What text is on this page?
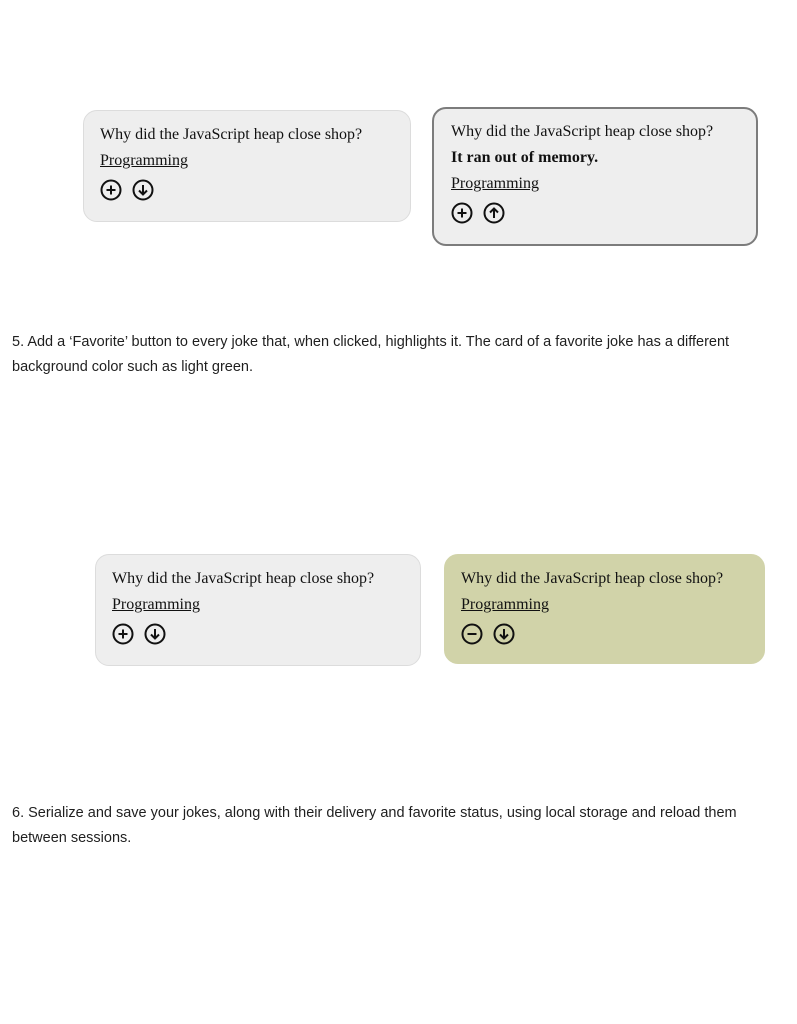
Why did the JavaScript heap close shop?
Programming
Why did the JavaScript heap close shop?
It ran out of memory.
Programming

5. Add a ‘Favorite’ button to every joke that, when clicked, highlights it. The card of a favorite joke has a different background color such as light green.

Why did the JavaScript heap close shop?
Programming
Why did the JavaScript heap close shop?
Programming

6. Serialize and save your jokes, along with their delivery and favorite status, using local storage and reload them between sessions.
